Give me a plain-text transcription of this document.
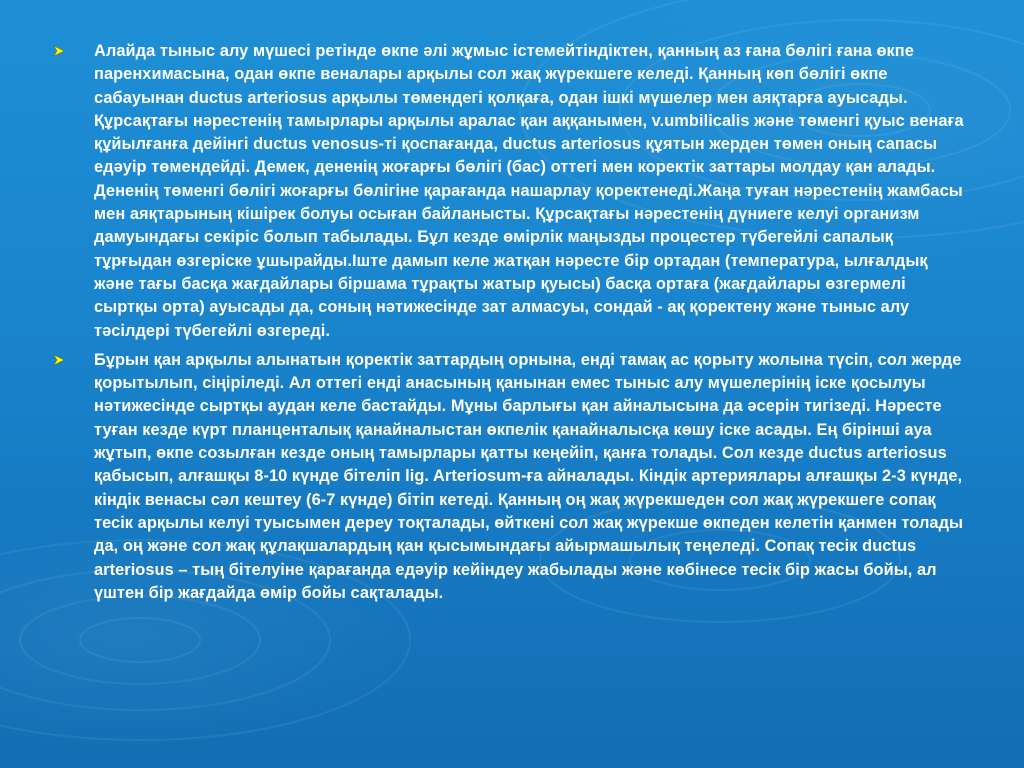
Алайда тыныс алу мүшесі ретінде өкпе әлі жұмыс істемейтіндіктен, қанның аз ғана бөлігі ғана өкпе паренхимасына, одан өкпе веналары арқылы сол жақ жүрекшеге келеді. Қанның көп бөлігі өкпе сабауынан ductus arteriosus арқылы төмендегі қолқаға, одан ішкі мүшелер мен аяқтарға ауысады. Құрсақтағы нәрестенің тамырлары арқылы аралас қан аққанымен, v.umbilicalis және төменгі қуыс венаға құйылғанға дейінгі ductus venosus-ті қоспағанда, ductus arteriosus құятын жерден төмен оның сапасы едәуір төмендейді. Демек, дененің жоғарғы бөлігі (бас) оттегі мен коректік заттары молдау қан алады. Дененің төменгі бөлігі жоғарғы бөлігіне қарағанда нашарлау қоректенеді.Жаңа туған нәрестенің жамбасы мен аяқтарының кішірек болуы осыған байланысты. Құрсақтағы нәрестенің дүниеге келуі организм дамуындағы секіріс болып табылады. Бұл кезде өмірлік маңызды процестер түбегейлі сапалық тұрғыдан өзгеріске ұшырайды.Іште дамып келе жатқан нәресте бір ортадан (температура, ылғалдық және тағы басқа жағдайлары біршама тұрақты жатыр қуысы) басқа ортаға (жағдайлары өзгермелі сыртқы орта) ауысады да, соның нәтижесінде зат алмасуы, сондай - ақ қоректену және тыныс алу тәсілдері түбегейлі өзгереді.
Бұрын қан арқылы алынатын қоректік заттардың орнына, енді тамақ ас қорыту жолына түсіп, сол жерде қорытылып, сіңіріледі. Ал оттегі енді анасының қанынан емес тыныс алу мүшелерінің іске қосылуы нәтижесінде сыртқы аудан келе бастайды. Мұны барлығы қан айналысына да әсерін тигізеді. Нәресте туған кезде күрт планценталық қанайналыстан өкпелік қанайналысқа көшу іске асады. Ең бірінші ауа жұтып, өкпе созылған кезде оның тамырлары қатты кеңейіп, қанға толады. Сол кезде ductus arteriosus қабысып, алғашқы 8-10 күнде бітеліп lig. Arteriosum-ға айналады. Кіндік артериялары алғашқы 2-3 күнде, кіндік венасы сәл кештеу (6-7 күнде) бітіп кетеді. Қанның оң жақ жүрекшеден сол жақ жүрекшеге сопақ тесік арқылы келуі туысымен дереу тоқталады, өйткені сол жақ жүрекше өкпеден келетін қанмен толады да, оң және сол жақ құлақшалардың қан қысымындағы айырмашылық теңеледі. Сопақ тесік ductus arteriosus – тың бітелуіне қарағанда едәуір кейіндеу жабылады және көбінесе тесік бір жасы бойы, ал үштен бір жағдайда өмір бойы сақталады.
